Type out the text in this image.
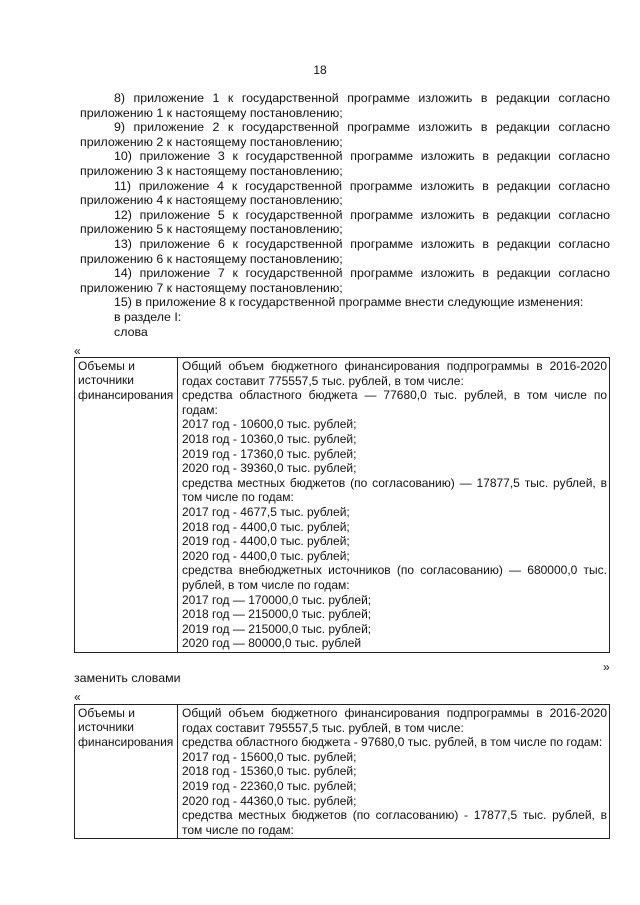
18
8) приложение 1 к государственной программе изложить в редакции согласно приложению 1 к настоящему постановлению;
9) приложение 2 к государственной программе изложить в редакции согласно приложению 2 к настоящему постановлению;
10) приложение 3 к государственной программе изложить в редакции согласно приложению 3 к настоящему постановлению;
11) приложение 4 к государственной программе изложить в редакции согласно приложению 4 к настоящему постановлению;
12) приложение 5 к государственной программе изложить в редакции согласно приложению 5 к настоящему постановлению;
13) приложение 6 к государственной программе изложить в редакции согласно приложению 6 к настоящему постановлению;
14) приложение 7 к государственной программе изложить в редакции согласно приложению 7 к настоящему постановлению;
15) в приложение 8 к государственной программе внести следующие изменения:
в разделе I:
слова
«
Объемы и источники финансирования	
Общий объем бюджетного финансирования подпрограммы в 2016-2020 годах составит 775557,5 тыс. рублей, в том числе:
средства областного бюджета — 77680,0 тыс. рублей, в том числе по годам:
2017 год - 10600,0 тыс. рублей;
2018 год - 10360,0 тыс. рублей;
2019 год - 17360,0 тыс. рублей;
2020 год - 39360,0 тыс. рублей;
средства местных бюджетов (по согласованию) — 17877,5 тыс. рублей, в том числе по годам:
2017 год - 4677,5 тыс. рублей;
2018 год - 4400,0 тыс. рублей;
2019 год - 4400,0 тыс. рублей;
2020 год - 4400,0 тыс. рублей;
средства внебюджетных источников (по согласованию) — 680000,0 тыс. рублей, в том числе по годам:
2017 год — 170000,0 тыс. рублей;
2018 год — 215000,0 тыс. рублей;
2019 год — 215000,0 тыс. рублей;
2020 год — 80000,0 тыс. рублей
»
заменить словами
«
Объемы и источники финансирования	
Общий объем бюджетного финансирования подпрограммы в 2016-2020 годах составит 795557,5 тыс. рублей, в том числе:
средства областного бюджета - 97680,0 тыс. рублей, в том числе по годам:
2017 год - 15600,0 тыс. рублей;
2018 год - 15360,0 тыс. рублей;
2019 год - 22360,0 тыс. рублей;
2020 год - 44360,0 тыс. рублей;
средства местных бюджетов (по согласованию) - 17877,5 тыс. рублей, в том числе по годам:
